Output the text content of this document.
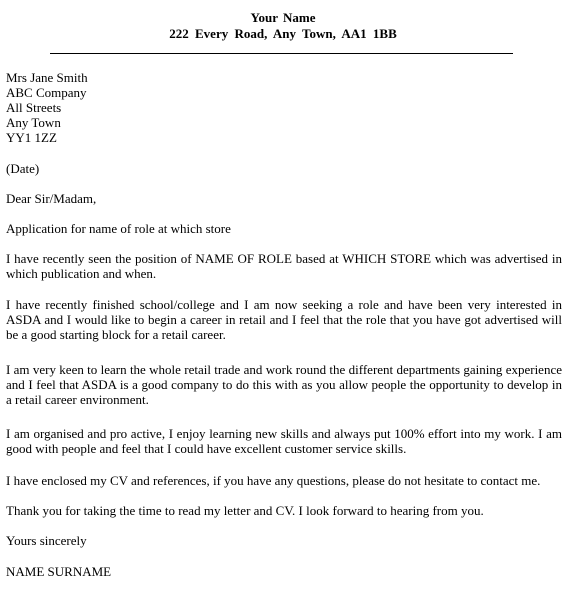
Your Name
222 Every Road, Any Town, AA1 1BB
Mrs Jane Smith
ABC Company
All Streets
Any Town
YY1 1ZZ

(Date)

Dear Sir/Madam,

Application for name of role at which store

I have recently seen the position of NAME OF ROLE based at WHICH STORE which was advertised in which publication and when.

I have recently finished school/college and I am now seeking a role and have been very interested in ASDA and I would like to begin a career in retail and I feel that the role that you have got advertised will be a good starting block for a retail career.

I am very keen to learn the whole retail trade and work round the different departments gaining experience and I feel that ASDA is a good company to do this with as you allow people the opportunity to develop in a retail career environment.

I am organised and pro active, I enjoy learning new skills and always put 100% effort into my work. I am good with people and feel that I could have excellent customer service skills.

I have enclosed my CV and references, if you have any questions, please do not hesitate to contact me.

Thank you for taking the time to read my letter and CV. I look forward to hearing from you.

Yours sincerely

NAME SURNAME
